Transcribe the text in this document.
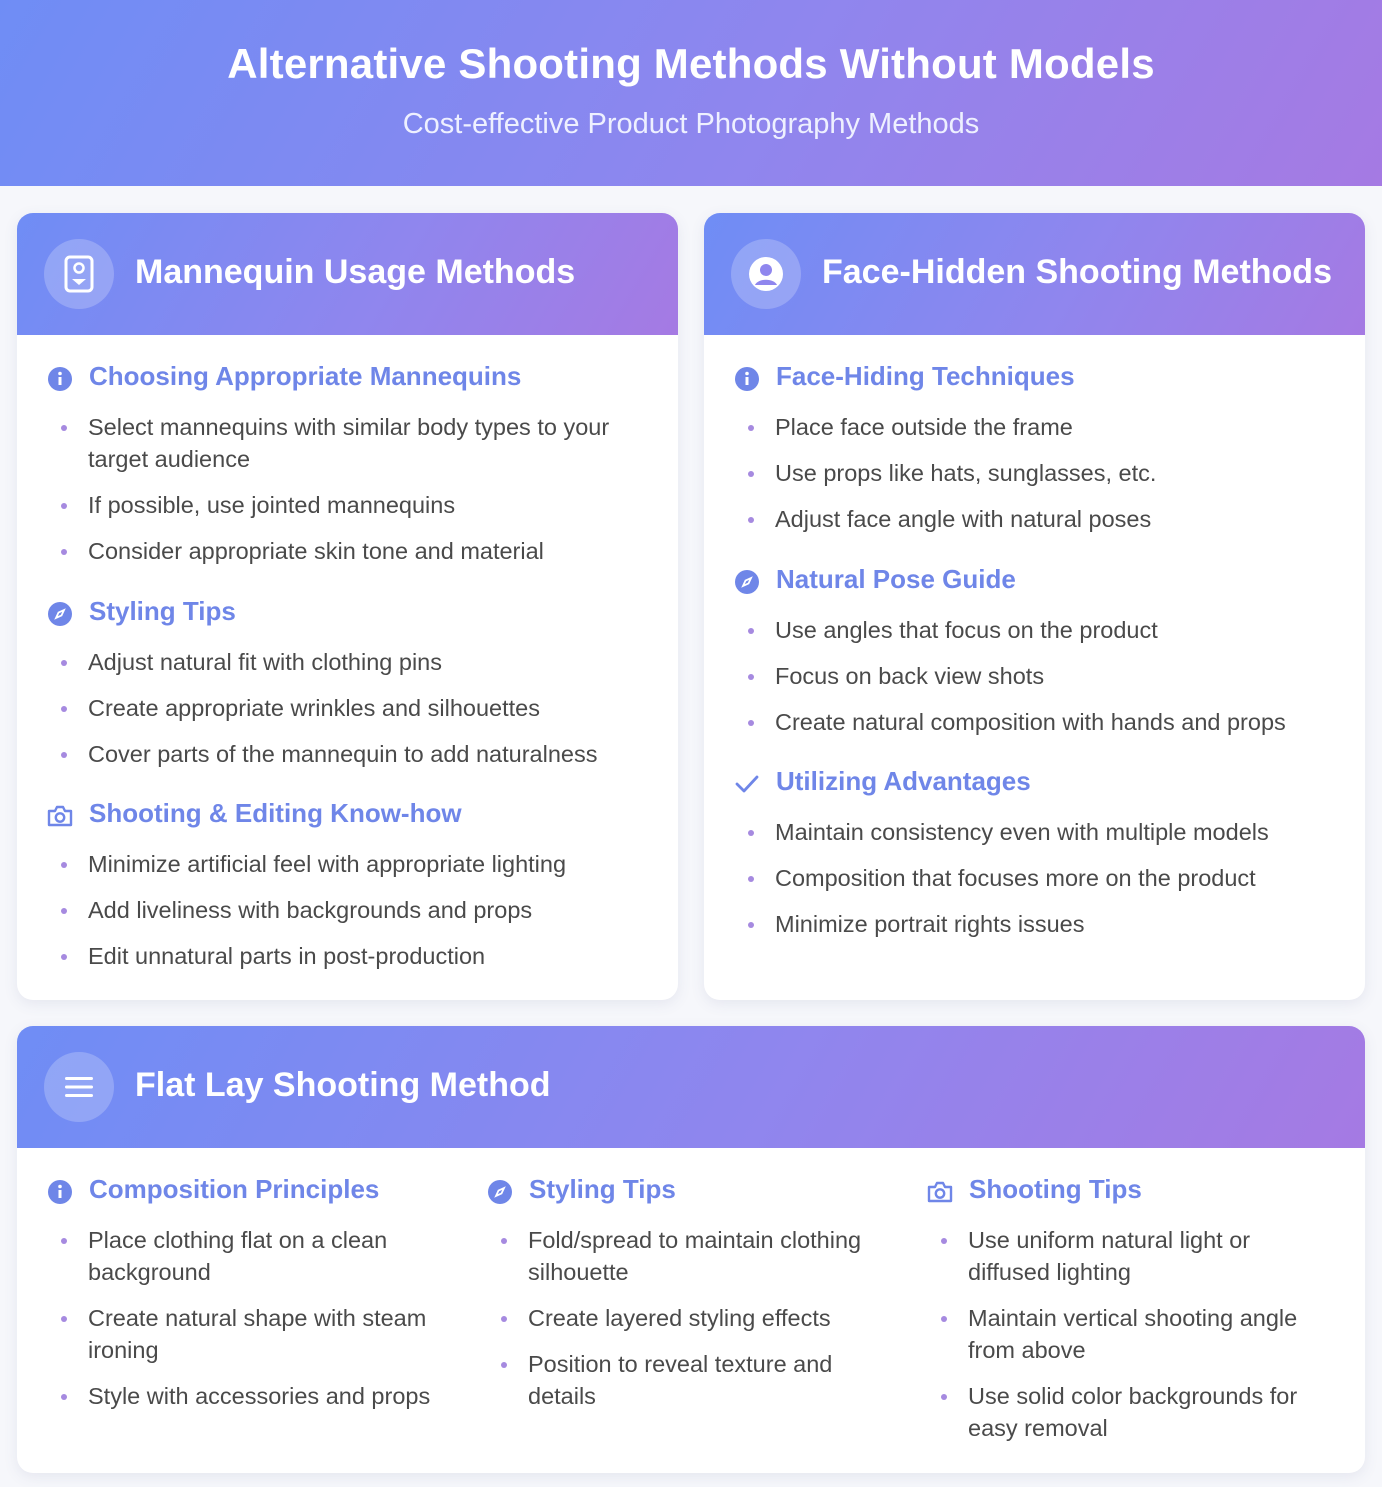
Alternative Shooting Methods Without Models
Cost-effective Product Photography Methods
Mannequin Usage Methods
Choosing Appropriate Mannequins
Select mannequins with similar body types to your target audience
If possible, use jointed mannequins
Consider appropriate skin tone and material
Styling Tips
Adjust natural fit with clothing pins
Create appropriate wrinkles and silhouettes
Cover parts of the mannequin to add naturalness
Shooting & Editing Know-how
Minimize artificial feel with appropriate lighting
Add liveliness with backgrounds and props
Edit unnatural parts in post-production
Face-Hidden Shooting Methods
Face-Hiding Techniques
Place face outside the frame
Use props like hats, sunglasses, etc.
Adjust face angle with natural poses
Natural Pose Guide
Use angles that focus on the product
Focus on back view shots
Create natural composition with hands and props
Utilizing Advantages
Maintain consistency even with multiple models
Composition that focuses more on the product
Minimize portrait rights issues
Flat Lay Shooting Method
Composition Principles
Place clothing flat on a clean background
Create natural shape with steam ironing
Style with accessories and props
Styling Tips
Fold/spread to maintain clothing silhouette
Create layered styling effects
Position to reveal texture and details
Shooting Tips
Use uniform natural light or diffused lighting
Maintain vertical shooting angle from above
Use solid color backgrounds for easy removal
